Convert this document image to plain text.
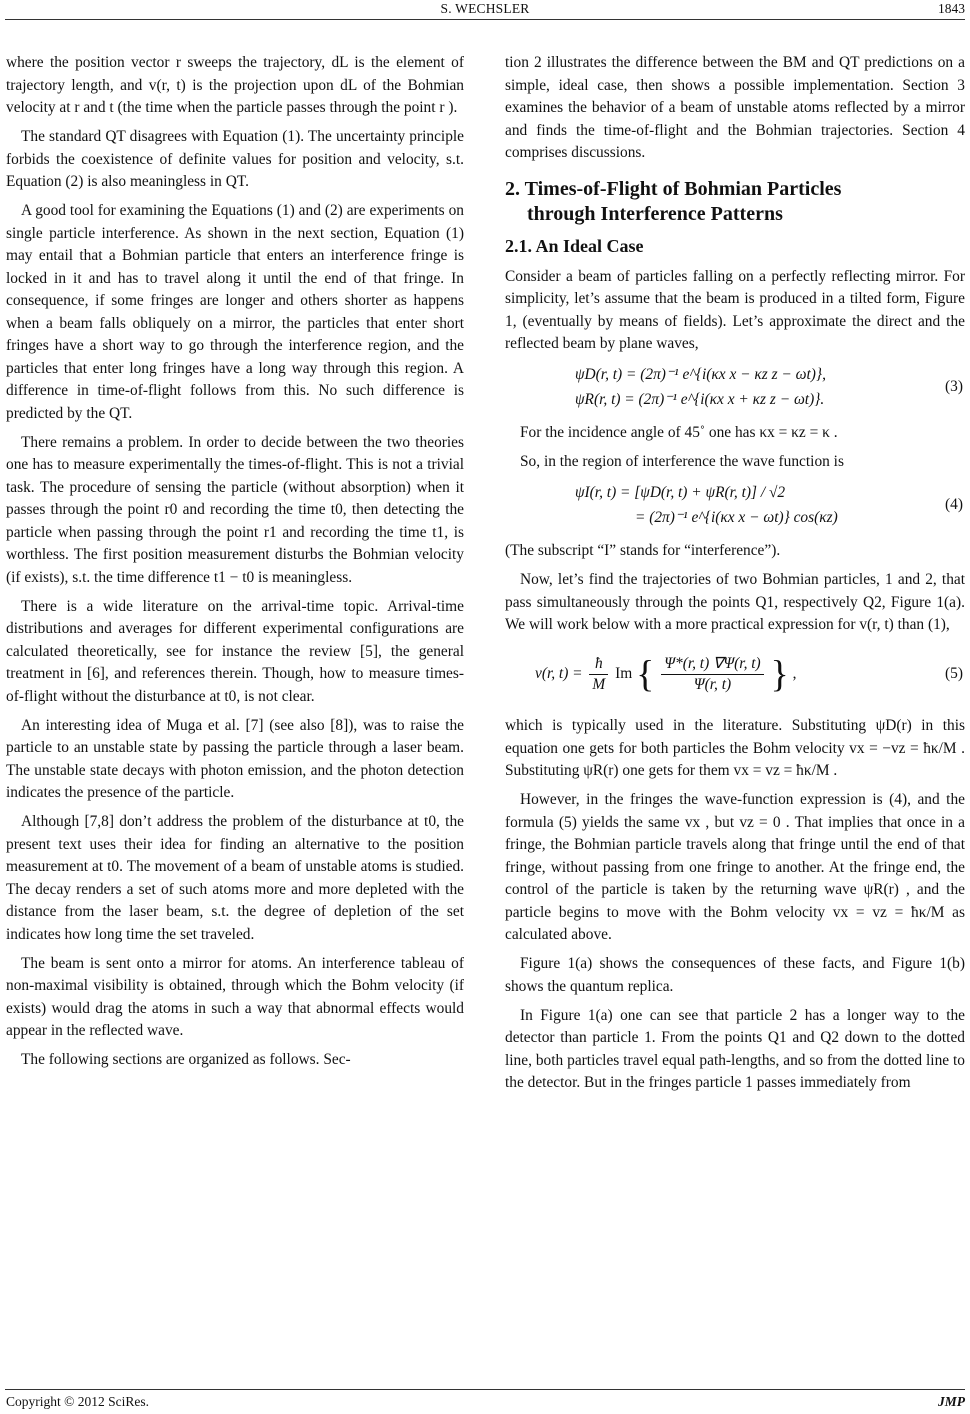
S. WECHSLER	1843

where the position vector r sweeps the trajectory, dL is the element of trajectory length, and v(r, t) is the projection upon dL of the Bohmian velocity at r and t (the time when the particle passes through the point r ).

The standard QT disagrees with Equation (1). The uncertainty principle forbids the coexistence of definite values for position and velocity, s.t. Equation (2) is also meaningless in QT.

A good tool for examining the Equations (1) and (2) are experiments on single particle interference. As shown in the next section, Equation (1) may entail that a Bohmian particle that enters an interference fringe is locked in it and has to travel along it until the end of that fringe. In consequence, if some fringes are longer and others shorter as happens when a beam falls obliquely on a mirror, the particles that enter short fringes have a short way to go through the interference region, and the particles that enter long fringes have a long way through this region. A difference in time-of-flight follows from this. No such difference is predicted by the QT.

There remains a problem. In order to decide between the two theories one has to measure experimentally the times-of-flight. This is not a trivial task. The procedure of sensing the particle (without absorption) when it passes through the point r0 and recording the time t0, then detecting the particle when passing through the point r1 and recording the time t1, is worthless. The first position measurement disturbs the Bohmian velocity (if exists), s.t. the time difference t1 − t0 is meaningless.

There is a wide literature on the arrival-time topic. Arrival-time distributions and averages for different experimental configurations are calculated theoretically, see for instance the review [5], the general treatment in [6], and references therein. Though, how to measure times-of-flight without the disturbance at t0, is not clear.

An interesting idea of Muga et al. [7] (see also [8]), was to raise the particle to an unstable state by passing the particle through a laser beam. The unstable state decays with photon emission, and the photon detection indicates the presence of the particle.

Although [7,8] don’t address the problem of the disturbance at t0, the present text uses their idea for finding an alternative to the position measurement at t0. The movement of a beam of unstable atoms is studied. The decay renders a set of such atoms more and more depleted with the distance from the laser beam, s.t. the degree of depletion of the set indicates how long time the set traveled.

The beam is sent onto a mirror for atoms. An interference tableau of non-maximal visibility is obtained, through which the Bohm velocity (if exists) would drag the atoms in such a way that abnormal effects would appear in the reflected wave.

The following sections are organized as follows. Sec-

tion 2 illustrates the difference between the BM and QT predictions on a simple, ideal case, then shows a possible implementation. Section 3 examines the behavior of a beam of unstable atoms reflected by a mirror and finds the time-of-flight and the Bohmian trajectories. Section 4 comprises discussions.

2. Times-of-Flight of Bohmian Particles
through Interference Patterns
2.1. An Ideal Case

Consider a beam of particles falling on a perfectly reflecting mirror. For simplicity, let’s assume that the beam is produced in a tilted form, Figure 1, (eventually by means of fields). Let’s approximate the direct and the reflected beam by plane waves,

ψD(r, t) = (2π)⁻¹ e^{i(κx x − κz z − ωt)},
ψR(r, t) = (2π)⁻¹ e^{i(κx x + κz z − ωt)}.
(3)

For the incidence angle of 45˚ one has κx = κz = κ .

So, in the region of interference the wave function is

ψI(r, t) = [ψD(r, t) + ψR(r, t)] / √2
= (2π)⁻¹ e^{i(κx x − ωt)} cos(κz)
(4)

(The subscript “I” stands for “interference”).

Now, let’s find the trajectories of two Bohmian particles, 1 and 2, that pass simultaneously through the points Q1, respectively Q2, Figure 1(a). We will work below with a more practical expression for v(r, t) than (1),

v(r, $t) = \frac{ħ}{M}$ Im { $\frac{\Psi*(r, t) \nabla\Psi(r, t)}{\Psi(r, t)}$ } ,	(5)

which is typically used in the literature. Substituting ψD(r) in this equation one gets for both particles the Bohm velocity vx = −vz = ħκ/M . Substituting ψR(r) one gets for them vx = vz = ħκ/M .

However, in the fringes the wave-function expression is (4), and the formula (5) yields the same vx , but vz = 0 . That implies that once in a fringe, the Bohmian particle travels along that fringe until the end of that fringe, without passing from one fringe to another. At the fringe end, the control of the particle is taken by the returning wave ψR(r) , and the particle begins to move with the Bohm velocity vx = vz = ħκ/M as calculated above.

Figure 1(a) shows the consequences of these facts, and Figure 1(b) shows the quantum replica.

In Figure 1(a) one can see that particle 2 has a longer way to the detector than particle 1. From the points Q1 and Q2 down to the dotted line, both particles travel equal path-lengths, and so from the dotted line to the detector. But in the fringes particle 1 passes immediately from

Copyright © 2012 SciRes.	JMP
